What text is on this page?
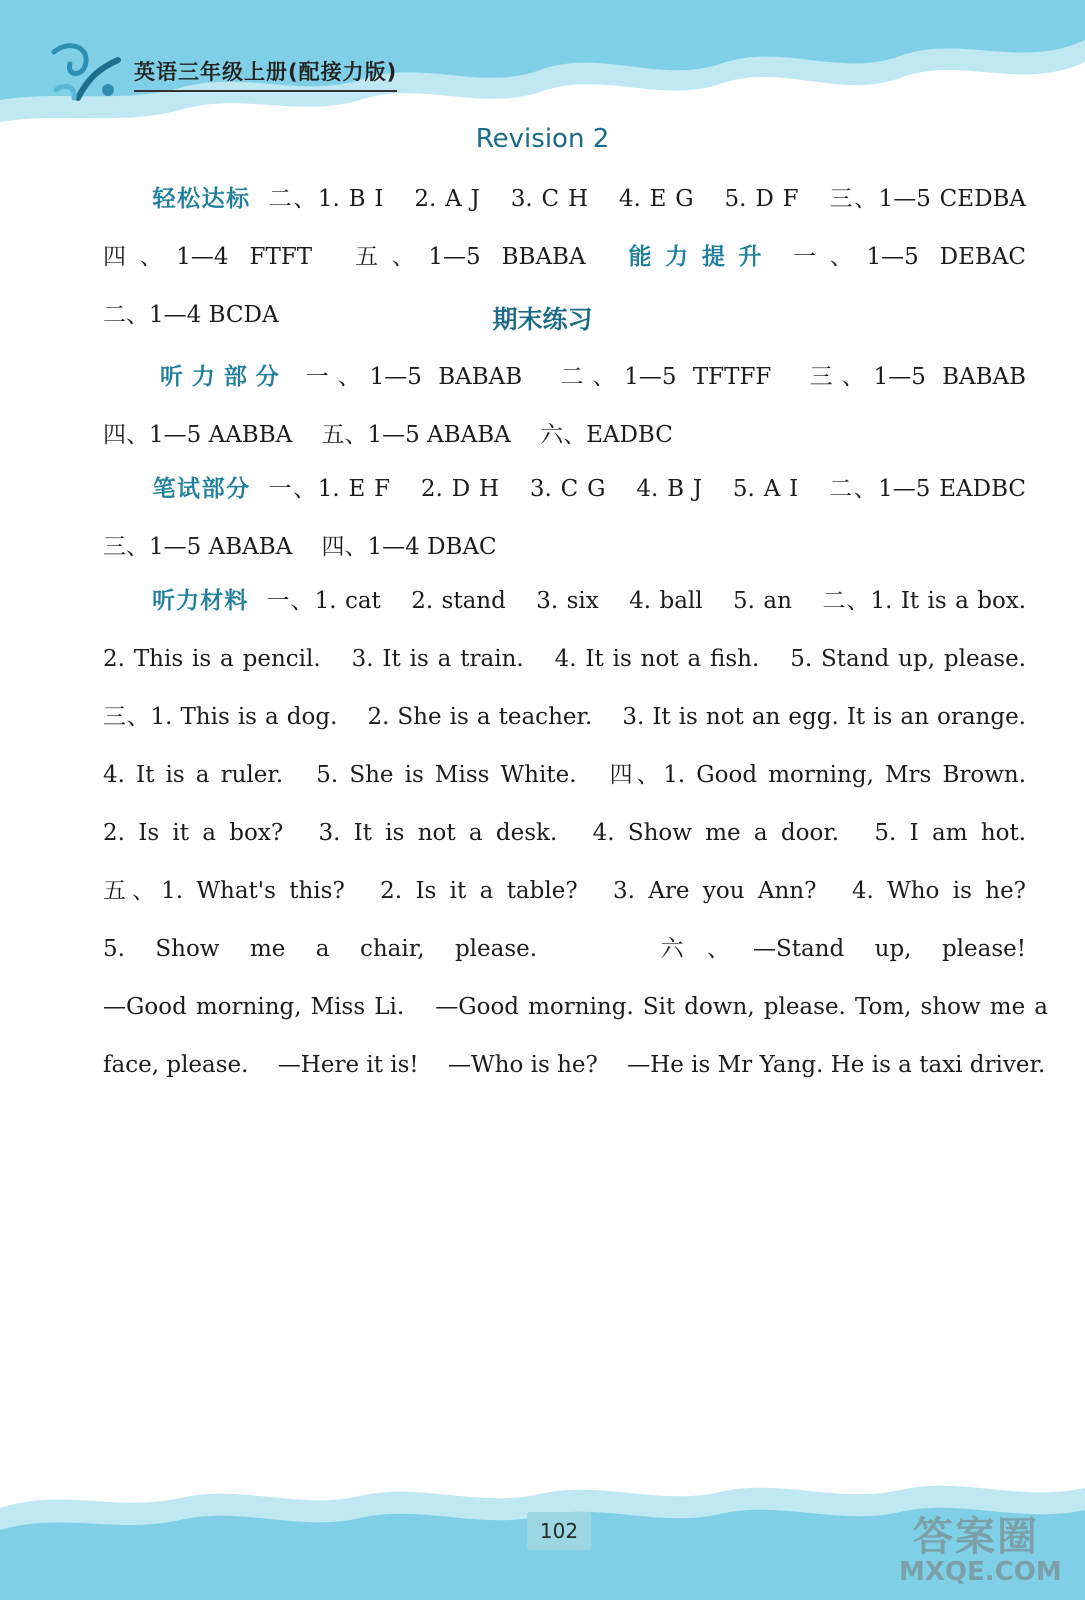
英语三年级上册(配接力版)
Revision 2
轻松达标 二、1. B I 2. A J 3. C H 4. E G 5. D F 三、1—5 CEDBA 四、1—4 FTFT 五、1—5 BBABA 能力提升 一、1—5 DEBAC 二、1—4 BCDA	期末练习
听力部分 一、1—5 BABAB 二、1—5 TFTFF 三、1—5 BABAB 四、1—5 AABBA 五、1—5 ABABA 六、EADBC
笔试部分 一、1. E F 2. D H 3. C G 4. B J 5. A I 二、1—5 EADBC 三、1—5 ABABA 四、1—4 DBAC
听力材料 一、1. cat 2. stand 3. six 4. ball 5. an 二、1. It is a box. 2. This is a pencil. 3. It is a train. 4. It is not a fish. 5. Stand up, please. 三、1. This is a dog. 2. She is a teacher. 3. It is not an egg. It is an orange. 4. It is a ruler. 5. She is Miss White. 四、1. Good morning, Mrs Brown. 2. Is it a box? 3. It is not a desk. 4. Show me a door. 5. I am hot. 五、1. What's this? 2. Is it a table? 3. Are you Ann? 4. Who is he? 5. Show me a chair, please.	六、—Stand up, please! —Good morning, Miss Li. —Good morning. Sit down, please. Tom, show me a face, please. —Here it is! —Who is he? —He is Mr Yang. He is a taxi driver.
102	答案圈
MXQE.COM
